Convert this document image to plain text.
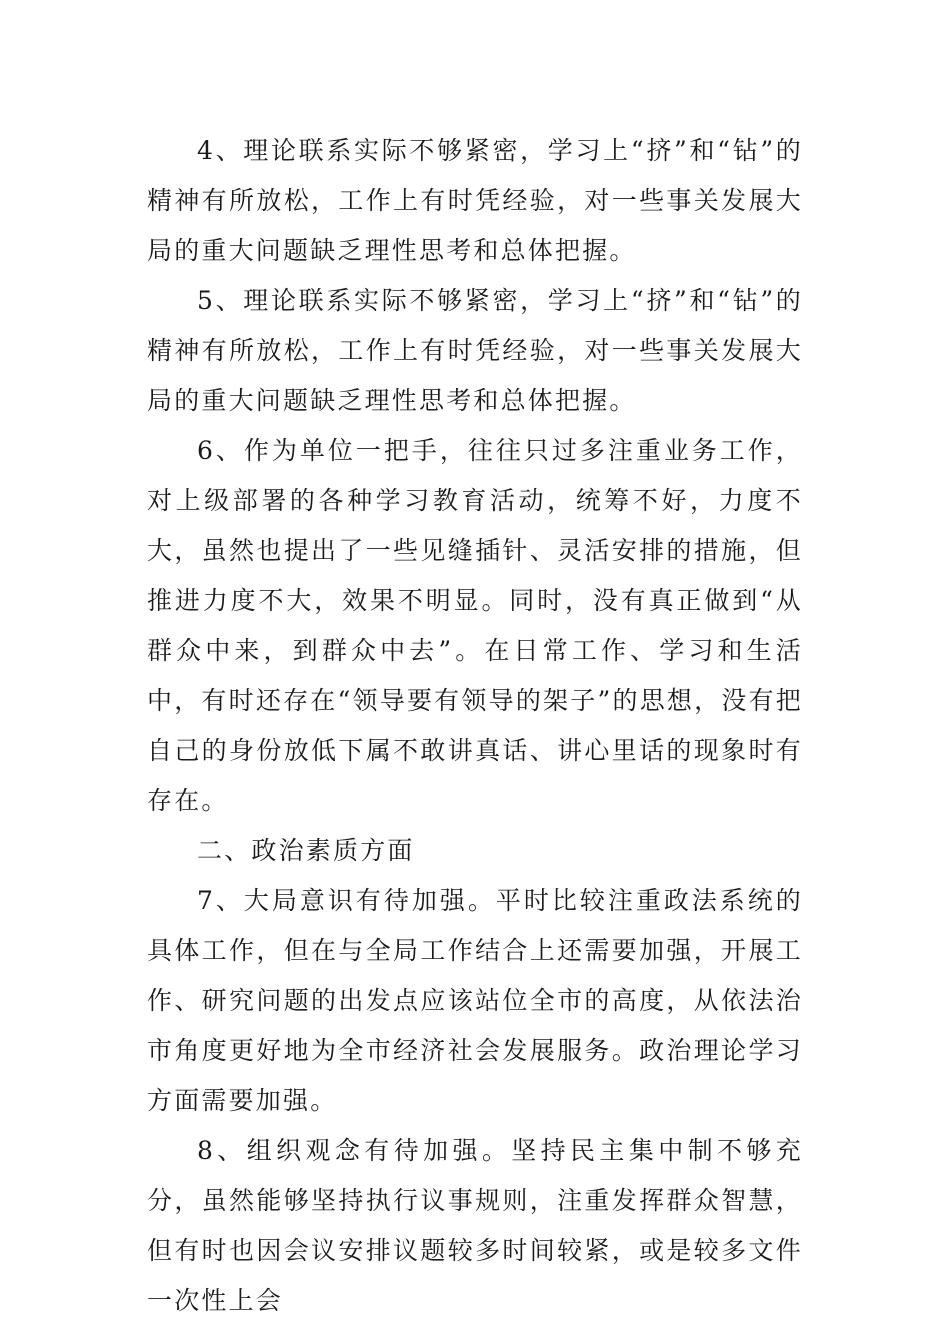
4、理论联系实际不够紧密，学习上“挤”和“钻”的精神有所放松，工作上有时凭经验，对一些事关发展大局的重大问题缺乏理性思考和总体把握。

5、理论联系实际不够紧密，学习上“挤”和“钻”的精神有所放松，工作上有时凭经验，对一些事关发展大局的重大问题缺乏理性思考和总体把握。

6、作为单位一把手，往往只过多注重业务工作，对上级部署的各种学习教育活动，统筹不好，力度不大，虽然也提出了一些见缝插针、灵活安排的措施，但推进力度不大，效果不明显。同时，没有真正做到“从群众中来，到群众中去”。在日常工作、学习和生活中，有时还存在“领导要有领导的架子”的思想，没有把自己的身份放低下属不敢讲真话、讲心里话的现象时有存在。

二、政治素质方面

7、大局意识有待加强。平时比较注重政法系统的具体工作，但在与全局工作结合上还需要加强，开展工作、研究问题的出发点应该站位全市的高度，从依法治市角度更好地为全市经济社会发展服务。政治理论学习方面需要加强。

8、组织观念有待加强。坚持民主集中制不够充分，虽然能够坚持执行议事规则，注重发挥群众智慧，但有时也因会议安排议题较多时间较紧，或是较多文件一次性上会
